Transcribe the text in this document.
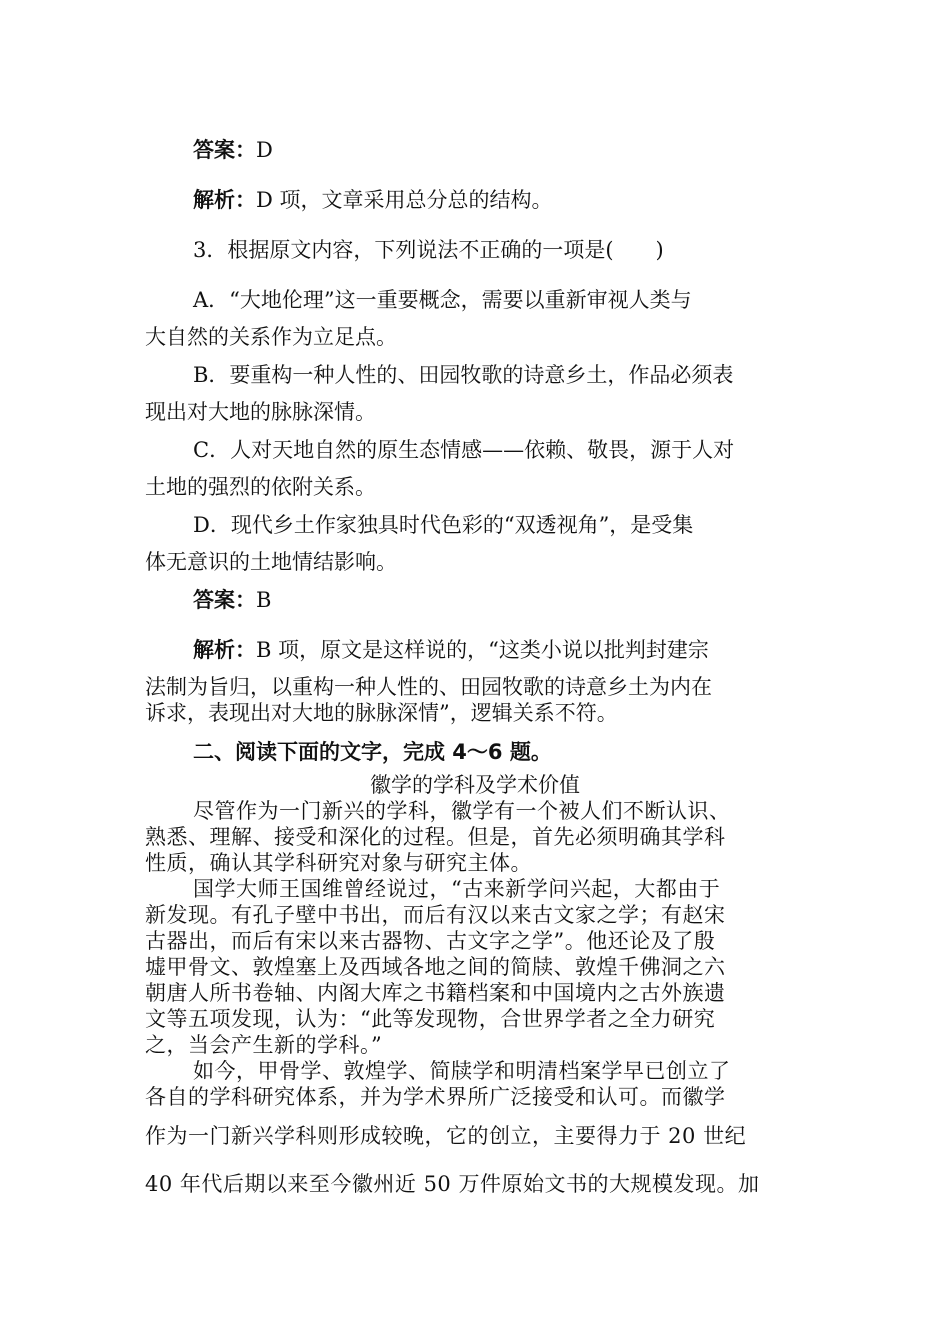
答案：D
解析：D 项，文章采用总分总的结构。
3．根据原文内容，下列说法不正确的一项是(　　)
A．“大地伦理”这一重要概念，需要以重新审视人类与
大自然的关系作为立足点。
B．要重构一种人性的、田园牧歌的诗意乡土，作品必须表
现出对大地的脉脉深情。
C．人对天地自然的原生态情感——依赖、敬畏，源于人对
土地的强烈的依附关系。
D．现代乡土作家独具时代色彩的“双透视角”，是受集
体无意识的土地情结影响。
答案：B
解析：B 项，原文是这样说的，“这类小说以批判封建宗
法制为旨归，以重构一种人性的、田园牧歌的诗意乡土为内在
诉求，表现出对大地的脉脉深情”，逻辑关系不符。
二、阅读下面的文字，完成 4～6 题。
徽学的学科及学术价值
尽管作为一门新兴的学科，徽学有一个被人们不断认识、
熟悉、理解、接受和深化的过程。但是，首先必须明确其学科
性质，确认其学科研究对象与研究主体。
国学大师王国维曾经说过，“古来新学问兴起，大都由于
新发现。有孔子壁中书出，而后有汉以来古文家之学；有赵宋
古器出，而后有宋以来古器物、古文字之学”。他还论及了殷
墟甲骨文、敦煌塞上及西域各地之间的简牍、敦煌千佛洞之六
朝唐人所书卷轴、内阁大库之书籍档案和中国境内之古外族遗
文等五项发现，认为：“此等发现物，合世界学者之全力研究
之，当会产生新的学科。”
如今，甲骨学、敦煌学、简牍学和明清档案学早已创立了
各自的学科研究体系，并为学术界所广泛接受和认可。而徽学
作为一门新兴学科则形成较晚，它的创立，主要得力于 20 世纪
40 年代后期以来至今徽州近 50 万件原始文书的大规模发现。加
